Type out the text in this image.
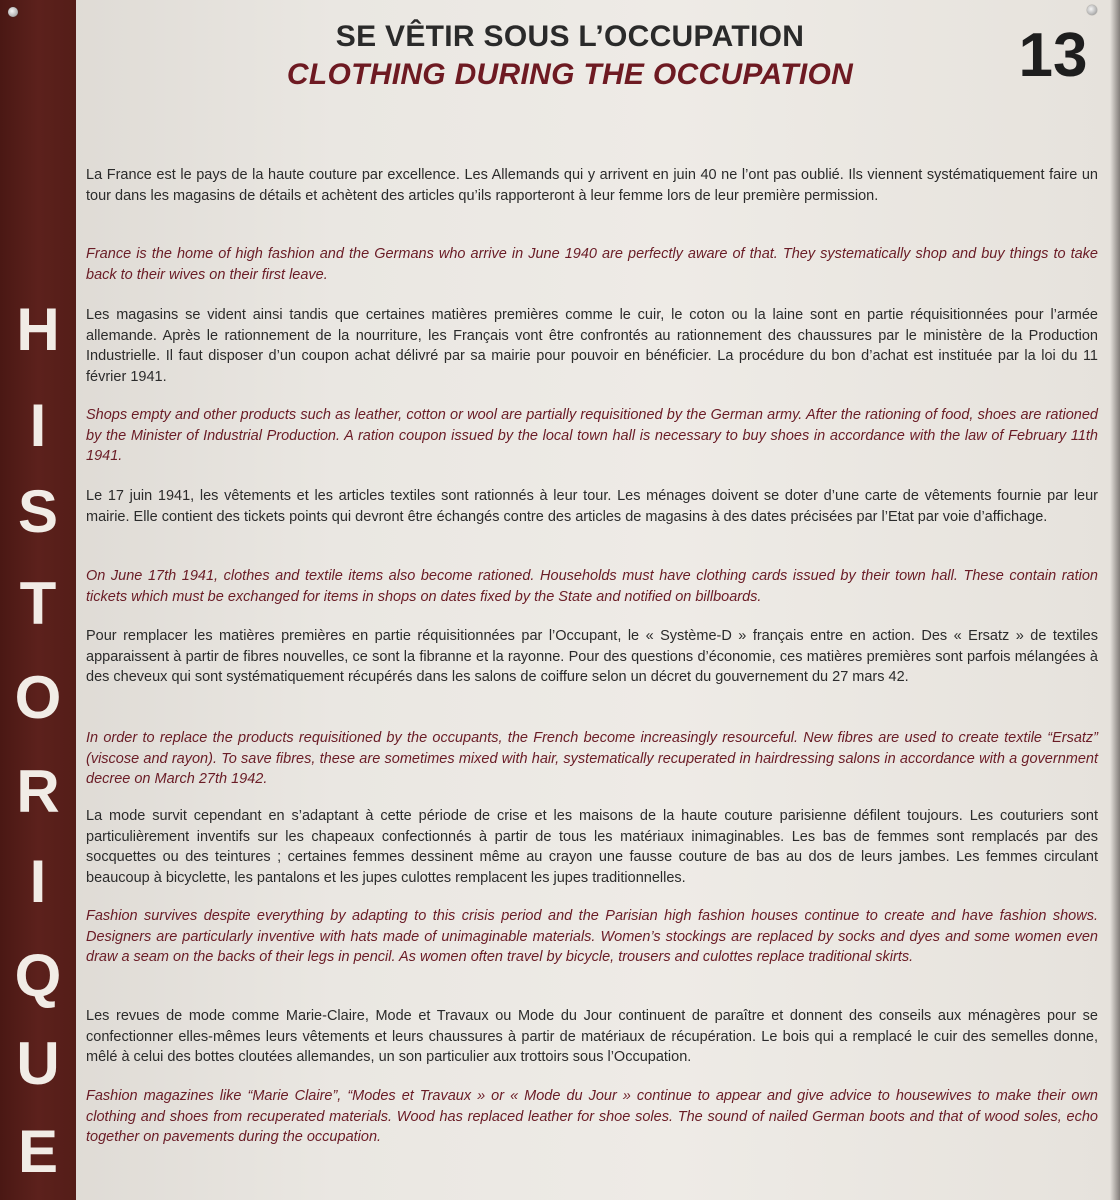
H
I
S
T
O
R
I
Q
U
E
SE VÊTIR SOUS L’OCCUPATION
CLOTHING DURING THE OCCUPATION	13

La France est le pays de la haute couture par excellence. Les Allemands qui y arrivent en juin 40 ne l’ont pas oublié. Ils viennent systématiquement faire un tour dans les magasins de détails et achètent des articles qu’ils rapporteront à leur femme lors de leur première permission.

France is the home of high fashion and the Germans who arrive in June 1940 are perfectly aware of that. They systematically shop and buy things to take back to their wives on their first leave.

Les magasins se vident ainsi tandis que certaines matières premières comme le cuir, le coton ou la laine sont en partie réquisitionnées pour l’armée allemande. Après le rationnement de la nourriture, les Français vont être confrontés au rationnement des chaussures par le ministère de la Production Industrielle. Il faut disposer d’un coupon achat délivré par sa mairie pour pouvoir en bénéficier. La procédure du bon d’achat est instituée par la loi du 11 février 1941.

Shops empty and other products such as leather, cotton or wool are partially requisitioned by the German army. After the rationing of food, shoes are rationed by the Minister of Industrial Production. A ration coupon issued by the local town hall is necessary to buy shoes in accordance with the law of February 11th 1941.

Le 17 juin 1941, les vêtements et les articles textiles sont rationnés à leur tour. Les ménages doivent se doter d’une carte de vêtements fournie par leur mairie. Elle contient des tickets points qui devront être échangés contre des articles de magasins à des dates précisées par l’Etat par voie d’affichage.

On June 17th 1941, clothes and textile items also become rationed. Households must have clothing cards issued by their town hall. These contain ration tickets which must be exchanged for items in shops on dates fixed by the State and notified on billboards.

Pour remplacer les matières premières en partie réquisitionnées par l’Occupant, le « Système-D » français entre en action. Des « Ersatz » de textiles apparaissent à partir de fibres nouvelles, ce sont la fibranne et la rayonne. Pour des questions d’économie, ces matières premières sont parfois mélangées à des cheveux qui sont systématiquement récupérés dans les salons de coiffure selon un décret du gouvernement du 27 mars 42.

In order to replace the products requisitioned by the occupants, the French become increasingly resourceful. New fibres are used to create textile “Ersatz” (viscose and rayon). To save fibres, these are sometimes mixed with hair, systematically recuperated in hairdressing salons in accordance with a government decree on March 27th 1942.

La mode survit cependant en s’adaptant à cette période de crise et les maisons de la haute couture parisienne défilent toujours. Les couturiers sont particulièrement inventifs sur les chapeaux confectionnés à partir de tous les matériaux inimaginables. Les bas de femmes sont remplacés par des socquettes ou des teintures ; certaines femmes dessinent même au crayon une fausse couture de bas au dos de leurs jambes. Les femmes circulant beaucoup à bicyclette, les pantalons et les jupes culottes remplacent les jupes traditionnelles.

Fashion survives despite everything by adapting to this crisis period and the Parisian high fashion houses continue to create and have fashion shows. Designers are particularly inventive with hats made of unimaginable materials. Women’s stockings are replaced by socks and dyes and some women even draw a seam on the backs of their legs in pencil. As women often travel by bicycle, trousers and culottes replace traditional skirts.

Les revues de mode comme Marie-Claire, Mode et Travaux ou Mode du Jour continuent de paraître et donnent des conseils aux ménagères pour se confectionner elles-mêmes leurs vêtements et leurs chaussures à partir de matériaux de récupération. Le bois qui a remplacé le cuir des semelles donne, mêlé à celui des bottes cloutées allemandes, un son particulier aux trottoirs sous l’Occupation.

Fashion magazines like “Marie Claire”, “Modes et Travaux » or « Mode du Jour » continue to appear and give advice to housewives to make their own clothing and shoes from recuperated materials. Wood has replaced leather for shoe soles. The sound of nailed German boots and that of wood soles, echo together on pavements during the occupation.
